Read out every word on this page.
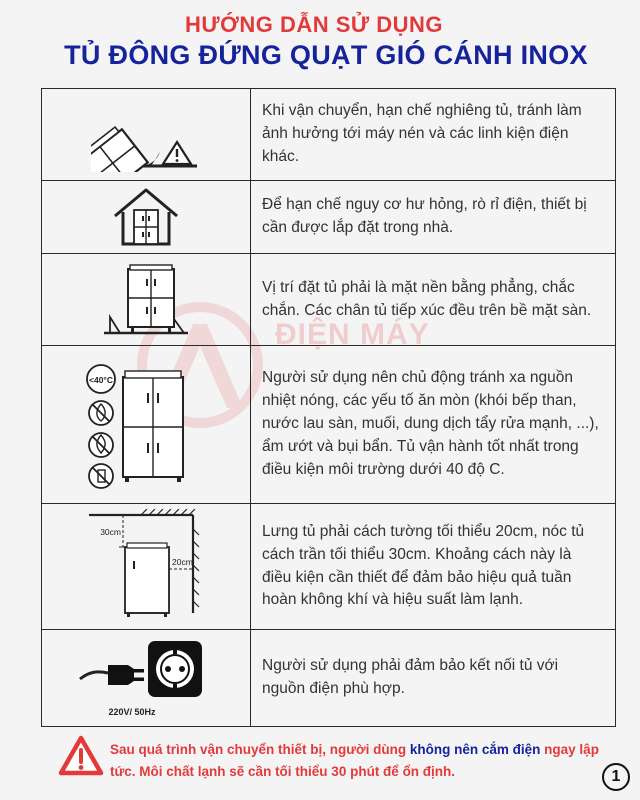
ĐIỆN MÁY
HƯỚNG DẪN SỬ DỤNG
TỦ ĐÔNG ĐỨNG QUẠT GIÓ CÁNH INOX
	Khi vận chuyển, hạn chế nghiêng tủ, tránh làm ảnh hưởng tới máy nén và các linh kiện điện khác.

	Để hạn chế nguy cơ hư hỏng, rò rỉ điện, thiết bị cần được lắp đặt trong nhà.

	Vị trí đặt tủ phải là mặt nền bằng phẳng, chắc chắn. Các chân tủ tiếp xúc đều trên bề mặt sàn.

<40°C	Người sử dụng nên chủ động tránh xa nguồn nhiệt nóng, các yếu tố ăn mòn (khói bếp than, nước lau sàn, muối, dung dịch tẩy rửa mạnh, ...), ẩm ướt và bụi bẩn. Tủ vận hành tốt nhất trong điều kiện môi trường dưới 40 độ C.

30cm
20cm	Lưng tủ phải cách tường tối thiểu 20cm, nóc tủ cách trần tối thiểu 30cm. Khoảng cách này là điều kiện cần thiết để đảm bảo hiệu quả tuần hoàn không khí và hiệu suất làm lạnh.

220V/ 50Hz	Người sử dụng phải đảm bảo kết nối tủ với nguồn điện phù hợp.
Sau quá trình vận chuyển thiết bị, người dùng không nên cắm điện ngay lập tức. Môi chất lạnh sẽ cần tối thiểu 30 phút để ổn định.	1
